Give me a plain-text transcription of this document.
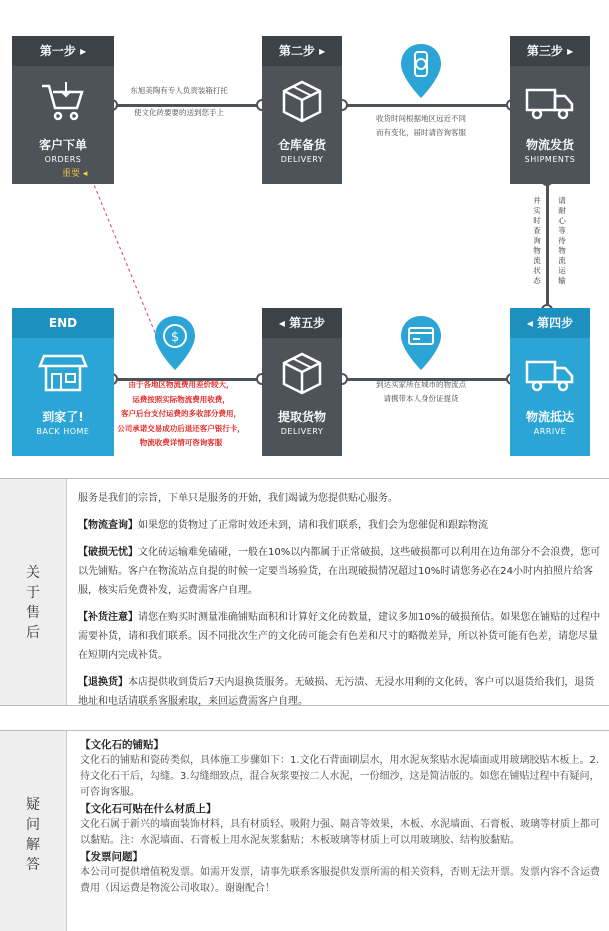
第一步 ▸
客户下单
ORDERS
重要 ◂
第二步 ▸
仓库备货
DELIVERY
第三步 ▸
物流发货
SHIPMENTS
◂ 第四步
物流抵达
ARRIVE
◂ 第五步
提取货物
DELIVERY
END
到家了!
BACK HOME
$
东旭美陶有专人负责装箱打托
使文化砖要要的送到您手上
收货时间根据地区远近不同
而有变化，届时请咨询客服
并实时查询物流状态
请耐心等待物流运输
到达买家所在城市的物流点
请携带本人身份证提货
由于各地区物流费用差价较大，
运费按照实际物流费用收费，
客户后台支付运费的多收部分费用，
公司承诺交易成功后退还客户银行卡，
物流收费详情可咨询客服
关
于
售
后

服务是我们的宗旨，下单只是服务的开始，我们竭诚为您提供贴心服务。

【物流查询】如果您的货物过了正常时效还未到，请和我们联系，我们会为您催促和跟踪物流

【破损无忧】文化砖运输难免磕碰，一般在10%以内都属于正常破损，这些破损都可以利用在边角部分不会浪费，您可以先铺贴。客户在物流站点自提的时候一定要当场验货，在出现破损情况超过10%时请您务必在24小时内拍照片给客服，核实后免费补发，运费需客户自理。

【补货注意】请您在购买时测量准确铺贴面积和计算好文化砖数量，建议多加10%的破损预估。如果您在铺贴的过程中需要补货，请和我们联系。因不同批次生产的文化砖可能会有色差和尺寸的略微差异，所以补货可能有色差，请您尽量在短期内完成补货。

【退换货】本店提供收到货后7天内退换货服务。无破损、无污渍、无浸水用剩的文化砖，客户可以退货给我们，退货地址和电话请联系客服索取，来回运费需客户自理。

疑
问
解
答
【文化石的铺贴】
文化石的铺贴和瓷砖类似，具体施工步骤如下：1.文化石背面刷层水，用水泥灰浆贴水泥墙面或用玻璃胶贴木板上。2.待文化石干后，勾缝。3.勾缝细致点，混合灰浆要按二人水泥，一份细沙，这是简洁版的。如您在铺贴过程中有疑问，可咨询客服。
【文化石可贴在什么材质上】
文化石属于新兴的墙面装饰材料，具有材质轻、吸附力强、隔音等效果，木板、水泥墙面、石膏板、玻璃等材质上都可以黏贴。注：水泥墙面、石膏板上用水泥灰浆黏贴；木板玻璃等材质上可以用玻璃胶、结构胶黏贴。
【发票问题】
本公司可提供增值税发票。如需开发票，请事先联系客服提供发票所需的相关资料，否则无法开票。发票内容不含运费费用（因运费是物流公司收取）。谢谢配合！
